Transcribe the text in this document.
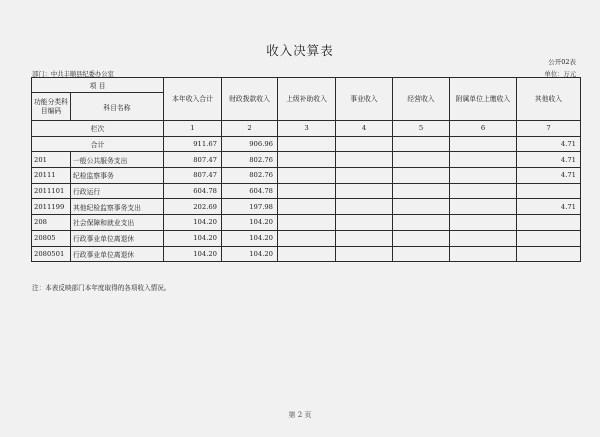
收入决算表
公开02表
部门：中共丰顺县纪委办公室	单位：万元
项 目		本年收入合计	财政拨款收入	上级补助收入	事业收入	经营收入	附属单位上缴收入	其他收入
功能分类科目编码	科目名称							
栏次		1	2	3	4	5	6	7
合计		911.67	906.96					4.71
201	一般公共服务支出	807.47	802.76					4.71
20111	纪检监察事务	807.47	802.76					4.71
2011101	行政运行	604.78	604.78					
2011199	其他纪检监察事务支出	202.69	197.98					4.71
208	社会保障和就业支出	104.20	104.20					
20805	行政事业单位离退休	104.20	104.20					
2080501	行政事业单位离退休	104.20	104.20					
注：本表反映部门本年度取得的各项收入情况。
第 2 页
